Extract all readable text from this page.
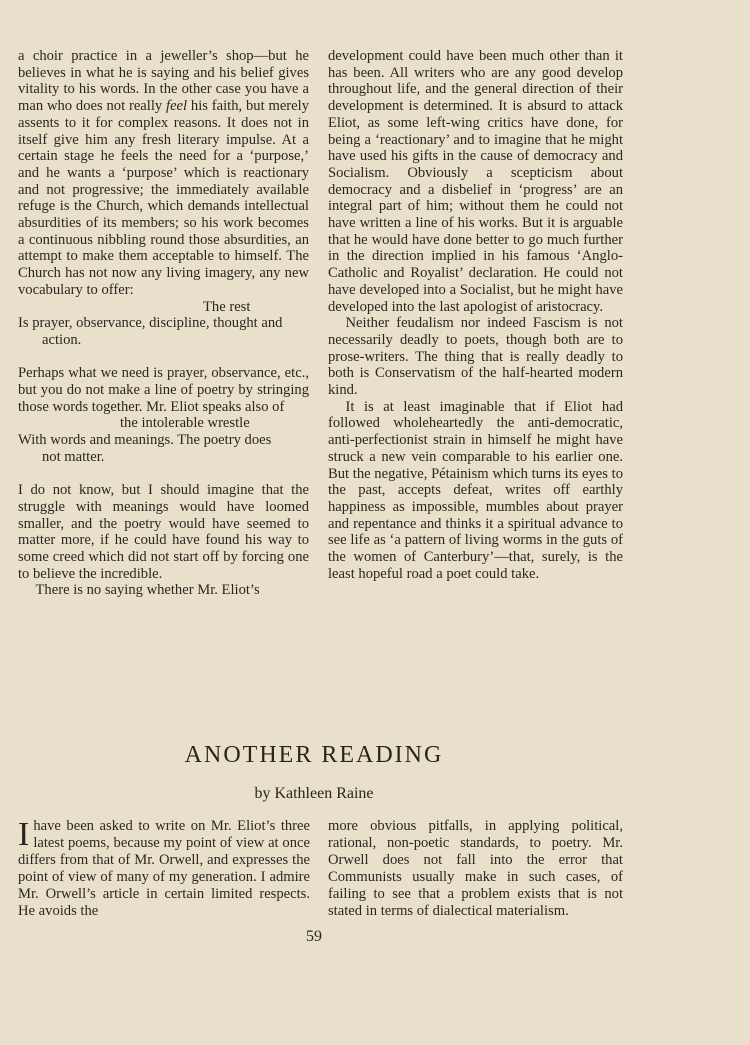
a choir practice in a jeweller’s shop—but he believes in what he is saying and his belief gives vitality to his words. In the other case you have a man who does not really feel his faith, but merely assents to it for complex reasons. It does not in itself give him any fresh literary impulse. At a certain stage he feels the need for a ‘purpose,’ and he wants a ‘purpose’ which is reactionary and not progressive; the immediately available refuge is the Church, which demands intellectual absurdities of its members; so his work becomes a continuous nibbling round those absurdities, an attempt to make them acceptable to himself. The Church has not now any living imagery, any new vocabulary to offer:

The rest
Is prayer, observance, discipline, thought and
action.

Perhaps what we need is prayer, observance, etc., but you do not make a line of poetry by stringing those words together. Mr. Eliot speaks also of

the intolerable wrestle
With words and meanings. The poetry does
not matter.

I do not know, but I should imagine that the struggle with meanings would have loomed smaller, and the poetry would have seemed to matter more, if he could have found his way to some creed which did not start off by forcing one to believe the incredible.

There is no saying whether Mr. Eliot’s

development could have been much other than it has been. All writers who are any good develop throughout life, and the general direction of their development is determined. It is absurd to attack Eliot, as some left-wing critics have done, for being a ‘reactionary’ and to imagine that he might have used his gifts in the cause of democracy and Socialism. Obviously a scepticism about democracy and a disbelief in ‘progress’ are an integral part of him; without them he could not have written a line of his works. But it is arguable that he would have done better to go much further in the direction implied in his famous ‘Anglo-Catholic and Royalist’ declaration. He could not have developed into a Socialist, but he might have developed into the last apologist of aristocracy.

Neither feudalism nor indeed Fascism is not necessarily deadly to poets, though both are to prose-writers. The thing that is really deadly to both is Conservatism of the half-hearted modern kind.

It is at least imaginable that if Eliot had followed wholeheartedly the anti-democratic, anti-perfectionist strain in himself he might have struck a new vein comparable to his earlier one. But the negative, Pétainism which turns its eyes to the past, accepts defeat, writes off earthly happiness as impossible, mumbles about prayer and repentance and thinks it a spiritual advance to see life as ‘a pattern of living worms in the guts of the women of Canterbury’—that, surely, is the least hopeful road a poet could take.

ANOTHER READING
by Kathleen Raine

Ihave been asked to write on Mr. Eliot’s three latest poems, because my point of view at once differs from that of Mr. Orwell, and expresses the point of view of many of my generation. I admire Mr. Orwell’s article in certain limited respects. He avoids the

more obvious pitfalls, in applying political, rational, non-poetic standards, to poetry. Mr. Orwell does not fall into the error that Communists usually make in such cases, of failing to see that a problem exists that is not stated in terms of dialectical materialism.

59
